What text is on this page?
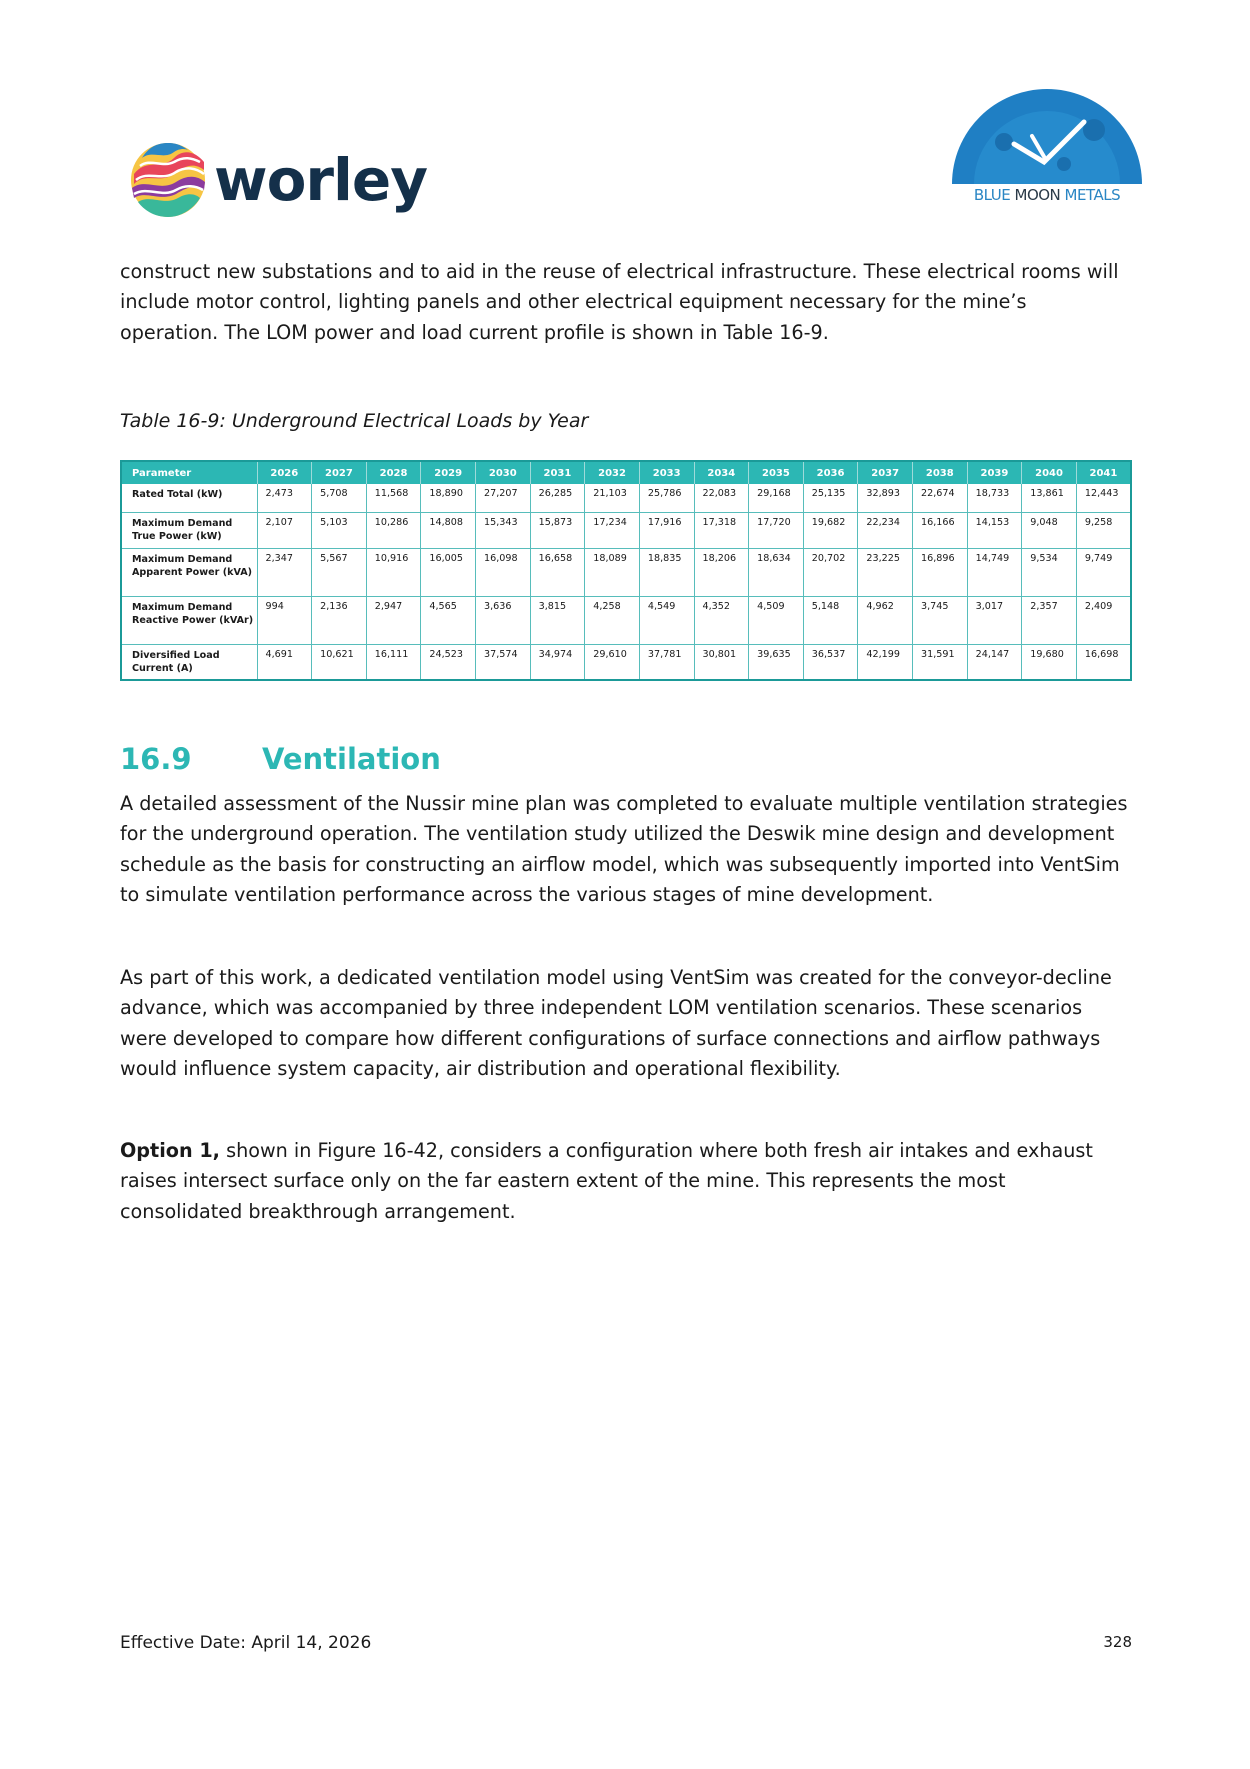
worley	BLUE MOON METALS

construct new substations and to aid in the reuse of electrical infrastructure. These electrical rooms will include motor control, lighting panels and other electrical equipment necessary for the mine’s operation. The LOM power and load current profile is shown in Table 16-9.

Table 16-9: Underground Electrical Loads by Year
Parameter	2026	2027	2028	2029	2030	2031	2032	2033	2034	2035	2036	2037	2038	2039	2040	2041
Rated Total (kW)	2,473	5,708	11,568	18,890	27,207	26,285	21,103	25,786	22,083	29,168	25,135	32,893	22,674	18,733	13,861	12,443
Maximum Demand True Power (kW)	2,107	5,103	10,286	14,808	15,343	15,873	17,234	17,916	17,318	17,720	19,682	22,234	16,166	14,153	9,048	9,258
Maximum Demand Apparent Power (kVA)	2,347	5,567	10,916	16,005	16,098	16,658	18,089	18,835	18,206	18,634	20,702	23,225	16,896	14,749	9,534	9,749
Maximum Demand Reactive Power (kVAr)	994	2,136	2,947	4,565	3,636	3,815	4,258	4,549	4,352	4,509	5,148	4,962	3,745	3,017	2,357	2,409
Diversified Load Current (A)	4,691	10,621	16,111	24,523	37,574	34,974	29,610	37,781	30,801	39,635	36,537	42,199	31,591	24,147	19,680	16,698
16.9 Ventilation

A detailed assessment of the Nussir mine plan was completed to evaluate multiple ventilation strategies for the underground operation. The ventilation study utilized the Deswik mine design and development schedule as the basis for constructing an airflow model, which was subsequently imported into VentSim to simulate ventilation performance across the various stages of mine development.

As part of this work, a dedicated ventilation model using VentSim was created for the conveyor-decline advance, which was accompanied by three independent LOM ventilation scenarios. These scenarios were developed to compare how different configurations of surface connections and airflow pathways would influence system capacity, air distribution and operational flexibility.

Option 1, shown in Figure 16-42, considers a configuration where both fresh air intakes and exhaust raises intersect surface only on the far eastern extent of the mine. This represents the most consolidated breakthrough arrangement.

Effective Date: April 14, 2026	328
